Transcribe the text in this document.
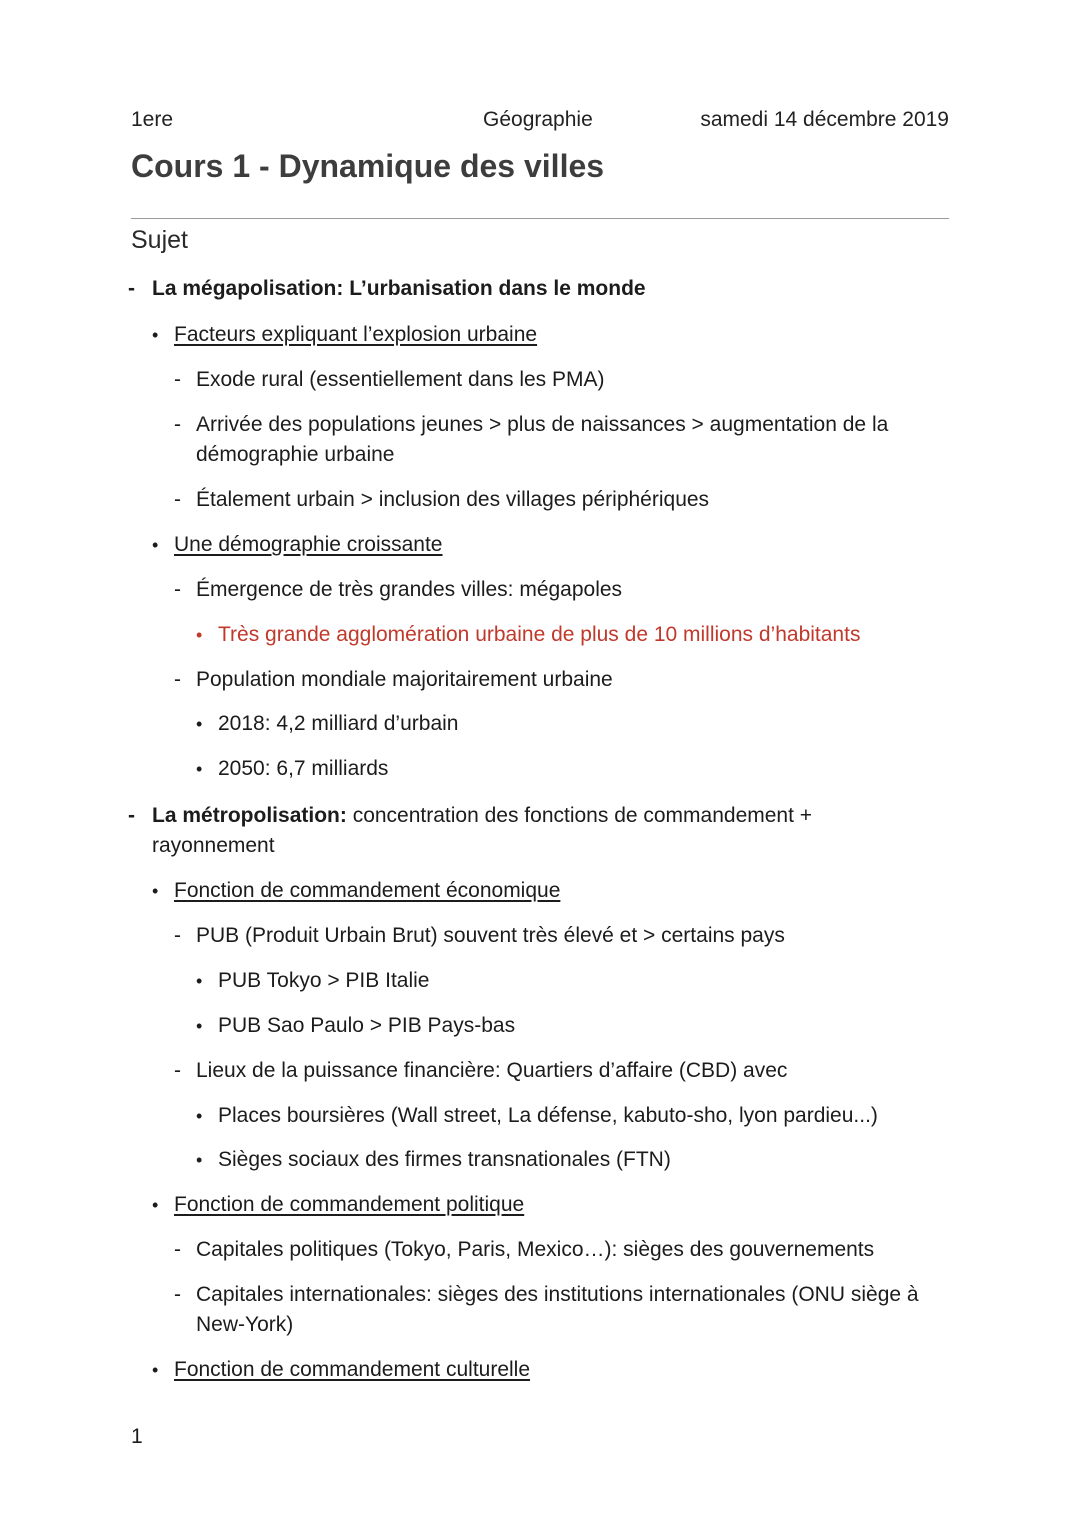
1ere	Géographie	samedi 14 décembre 2019
Cours 1 - Dynamique des villes
Sujet
- La mégapolisation: L’urbanisation dans le monde
• Facteurs expliquant l’explosion urbaine
- Exode rural (essentiellement dans les PMA)
- Arrivée des populations jeunes > plus de naissances > augmentation de la
démographie urbaine
- Étalement urbain > inclusion des villages périphériques
• Une démographie croissante
- Émergence de très grandes villes: mégapoles
• Très grande agglomération urbaine de plus de 10 millions d’habitants
- Population mondiale majoritairement urbaine
• 2018: 4,2 milliard d’urbain
• 2050: 6,7 milliards
- La métropolisation: concentration des fonctions de commandement +
rayonnement
• Fonction de commandement économique
- PUB (Produit Urbain Brut) souvent très élevé et > certains pays
• PUB Tokyo > PIB Italie
• PUB Sao Paulo > PIB Pays-bas
- Lieux de la puissance financière: Quartiers d’affaire (CBD) avec
• Places boursières (Wall street, La défense, kabuto-sho, lyon pardieu...)
• Sièges sociaux des firmes transnationales (FTN)
• Fonction de commandement politique
- Capitales politiques (Tokyo, Paris, Mexico…): sièges des gouvernements
- Capitales internationales: sièges des institutions internationales (ONU siège à
New-York)
• Fonction de commandement culturelle
1
